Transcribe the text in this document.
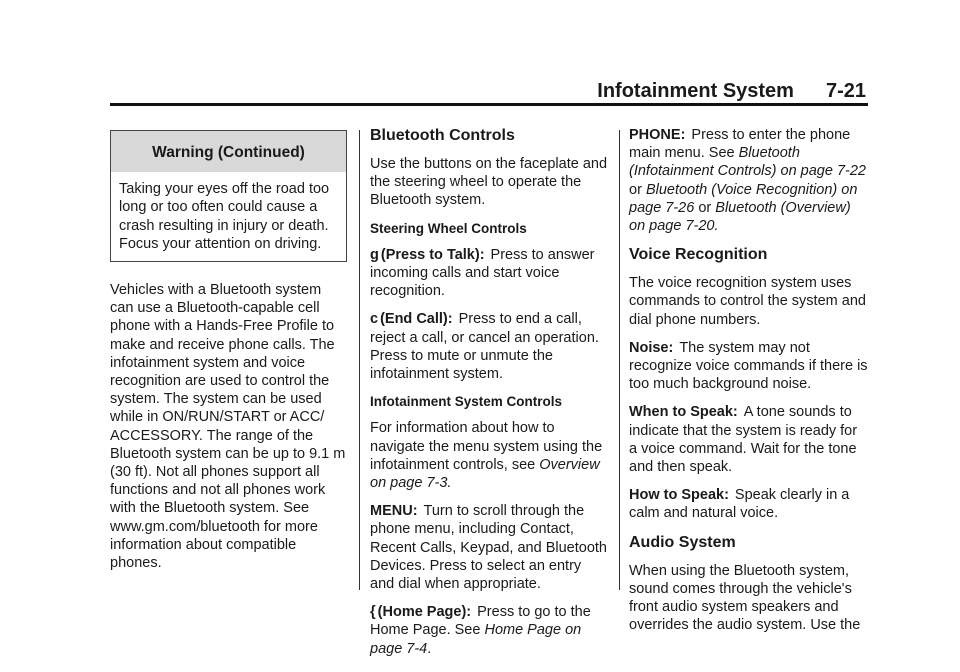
Infotainment System 7-21
Warning (Continued)
Taking your eyes off the road too long or too often could cause a crash resulting in injury or death. Focus your attention on driving.

Vehicles with a Bluetooth system can use a Bluetooth-capable cell phone with a Hands-Free Profile to make and receive phone calls. The infotainment system and voice recognition are used to control the system. The system can be used while in ON/RUN/START or ACC/ ACCESSORY. The range of the Bluetooth system can be up to 9.1 m (30 ft). Not all phones support all functions and not all phones work with the Bluetooth system. See www.gm.com/bluetooth for more information about compatible phones.

Bluetooth Controls

Use the buttons on the faceplate and the steering wheel to operate the Bluetooth system.

Steering Wheel Controls

g (Press to Talk): Press to answer incoming calls and start voice recognition.

c (End Call): Press to end a call, reject a call, or cancel an operation. Press to mute or unmute the infotainment system.

Infotainment System Controls

For information about how to navigate the menu system using the infotainment controls, see Overview on page 7-3.

MENU: Turn to scroll through the phone menu, including Contact, Recent Calls, Keypad, and Bluetooth Devices. Press to select an entry and dial when appropriate.

{ (Home Page): Press to go to the Home Page. See Home Page on page 7-4.

PHONE: Press to enter the phone main menu. See Bluetooth (Infotainment Controls) on page 7-22 or Bluetooth (Voice Recognition) on page 7-26 or Bluetooth (Overview) on page 7-20.

Voice Recognition

The voice recognition system uses commands to control the system and dial phone numbers.

Noise: The system may not recognize voice commands if there is too much background noise.

When to Speak: A tone sounds to indicate that the system is ready for a voice command. Wait for the tone and then speak.

How to Speak: Speak clearly in a calm and natural voice.

Audio System

When using the Bluetooth system, sound comes through the vehicle's front audio system speakers and overrides the audio system. Use the
